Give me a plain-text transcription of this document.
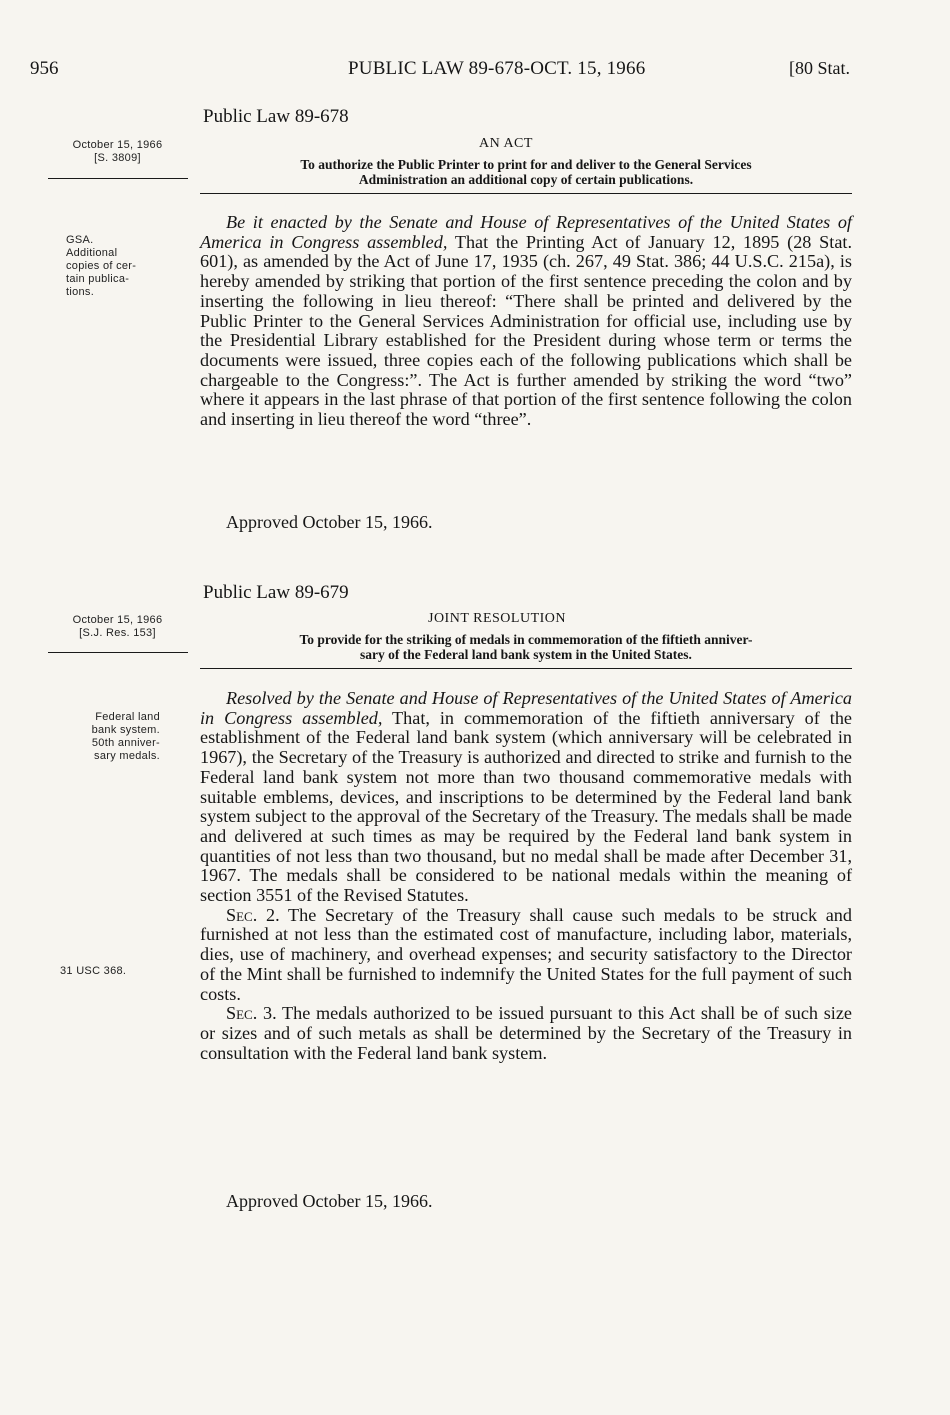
956	PUBLIC LAW 89-678-OCT. 15, 1966	[80 Stat.
Public Law 89-678
October 15, 1966
[S. 3809]
AN ACT
To authorize the Public Printer to print for and deliver to the General Services
Administration an additional copy of certain publications.
GSA.
Additional
copies of cer-
tain publica-
tions.

Be it enacted by the Senate and House of Representatives of the United States of America in Congress assembled, That the Printing Act of January 12, 1895 (28 Stat. 601), as amended by the Act of June 17, 1935 (ch. 267, 49 Stat. 386; 44 U.S.C. 215a), is hereby amended by striking that portion of the first sentence preceding the colon and by inserting the following in lieu thereof: “There shall be printed and delivered by the Public Printer to the General Services Administration for official use, including use by the Presidential Library established for the President during whose term or terms the documents were issued, three copies each of the following publications which shall be chargeable to the Congress:”. The Act is further amended by striking the word “two” where it appears in the last phrase of that portion of the first sentence following the colon and inserting in lieu thereof the word “three”.

Approved October 15, 1966.
Public Law 89-679
October 15, 1966
[S.J. Res. 153]
JOINT RESOLUTION
To provide for the striking of medals in commemoration of the fiftieth anniver-
sary of the Federal land bank system in the United States.
Federal land
bank system.
50th anniver-
sary medals.
31 USC 368.

Resolved by the Senate and House of Representatives of the United States of America in Congress assembled, That, in commemoration of the fiftieth anniversary of the establishment of the Federal land bank system (which anniversary will be celebrated in 1967), the Secretary of the Treasury is authorized and directed to strike and furnish to the Federal land bank system not more than two thousand commemorative medals with suitable emblems, devices, and inscriptions to be determined by the Federal land bank system subject to the approval of the Secretary of the Treasury. The medals shall be made and delivered at such times as may be required by the Federal land bank system in quantities of not less than two thousand, but no medal shall be made after December 31, 1967. The medals shall be considered to be national medals within the meaning of section 3551 of the Revised Statutes.

Sec. 2. The Secretary of the Treasury shall cause such medals to be struck and furnished at not less than the estimated cost of manufacture, including labor, materials, dies, use of machinery, and overhead expenses; and security satisfactory to the Director of the Mint shall be furnished to indemnify the United States for the full payment of such costs.

Sec. 3. The medals authorized to be issued pursuant to this Act shall be of such size or sizes and of such metals as shall be determined by the Secretary of the Treasury in consultation with the Federal land bank system.

Approved October 15, 1966.
